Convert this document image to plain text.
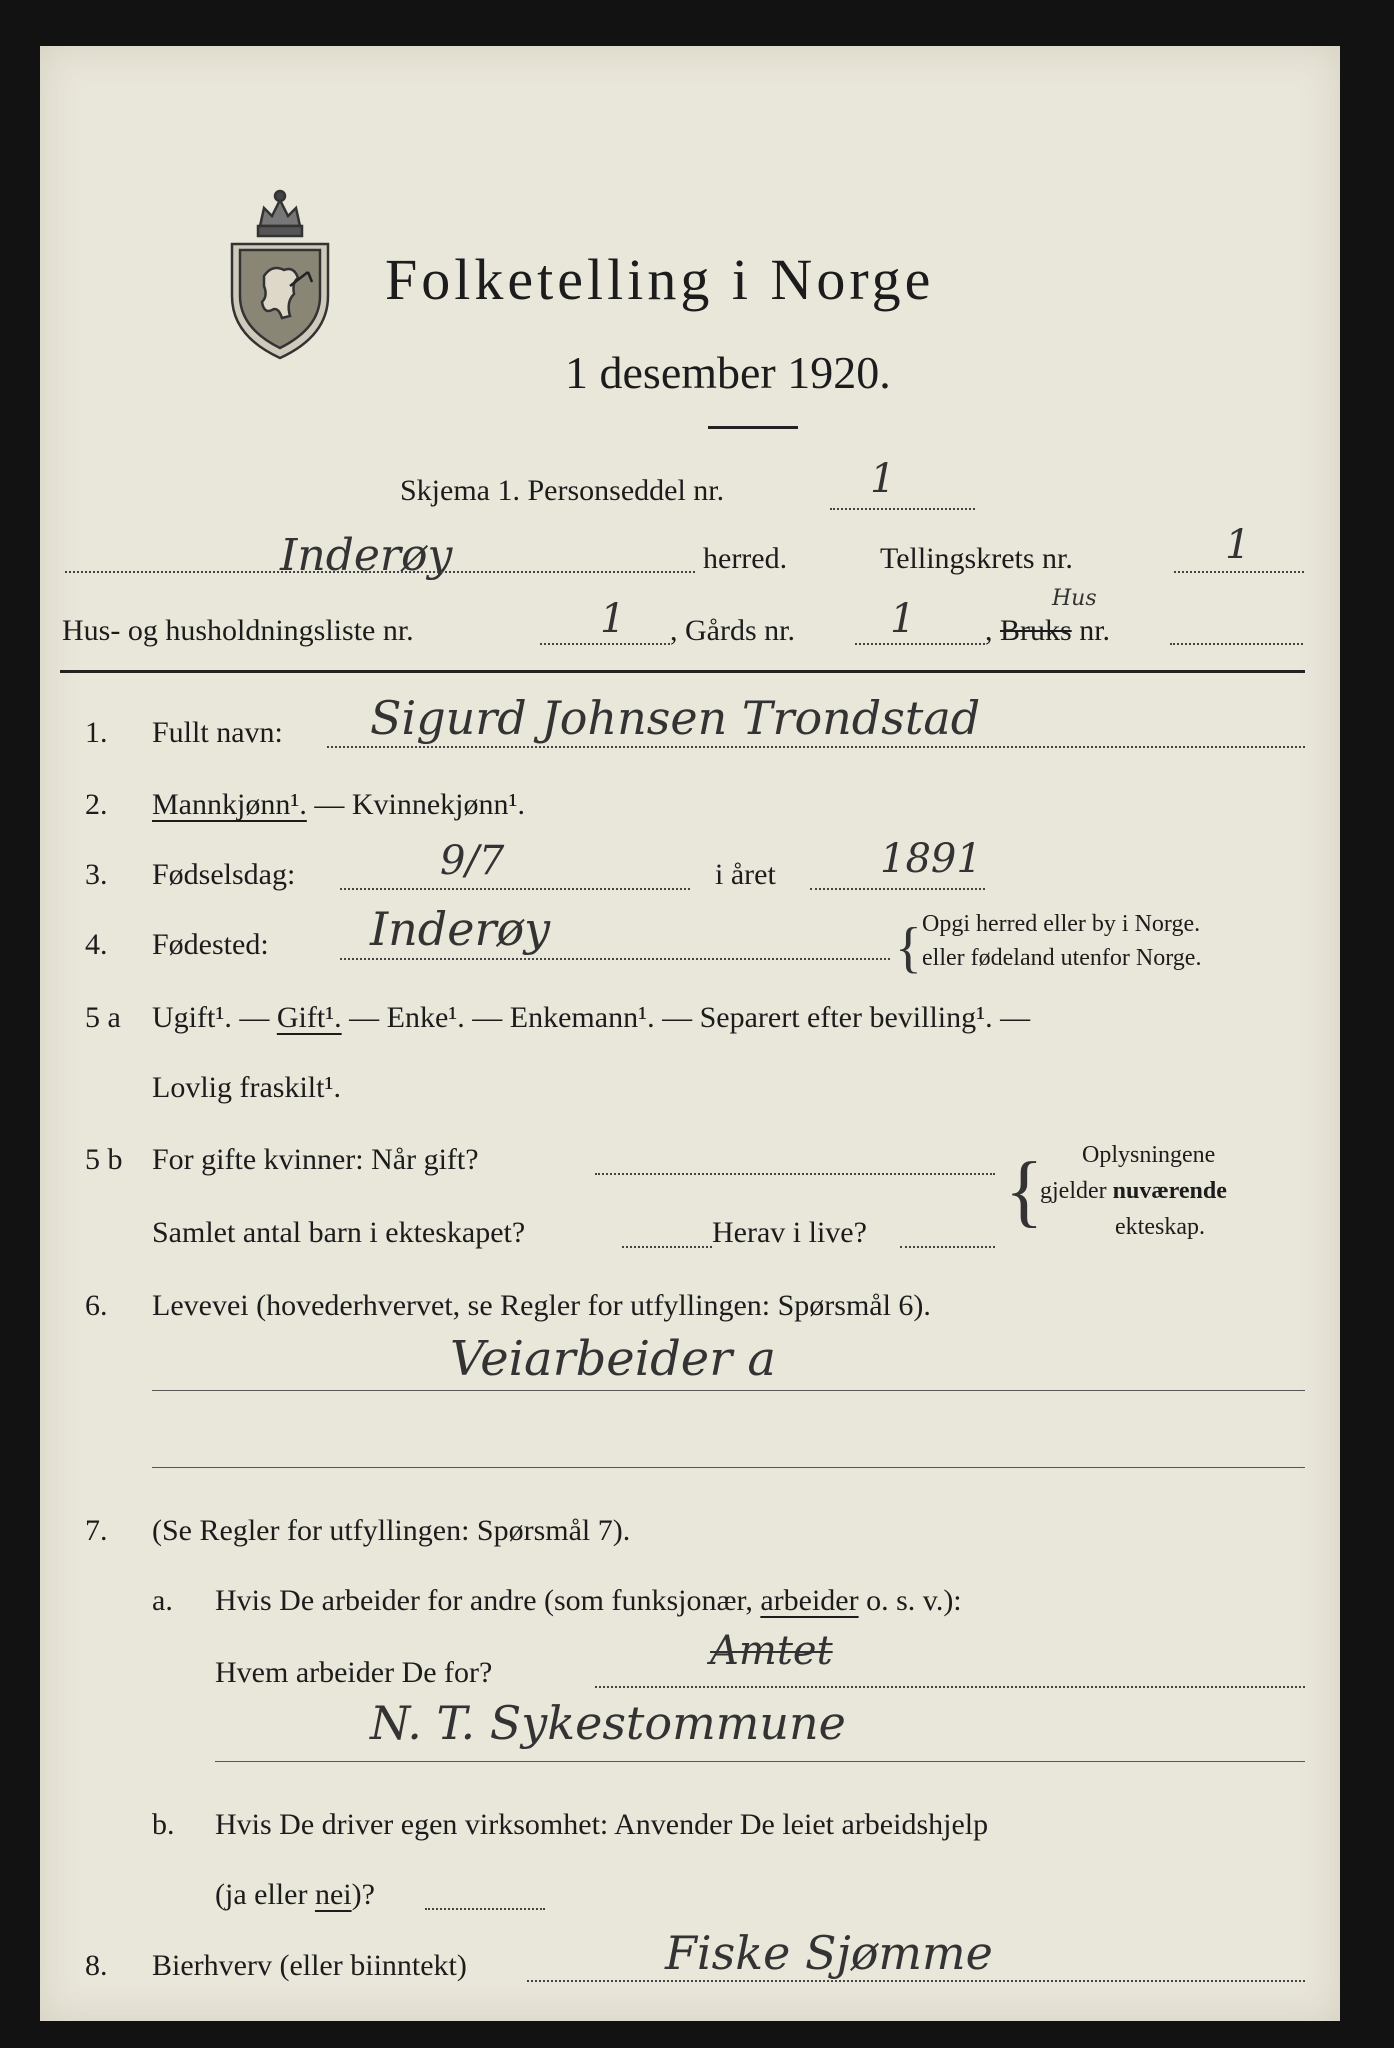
Folketelling i Norge
1 desember 1920.
Skjema 1. Personseddel nr.	1
Inderøy	herred.	Tellingskrets nr.	1
Hus- og husholdningsliste nr.	1 , Gårds nr. 1 , Bruks nr.
Hus
1. Fullt navn: Sigurd Johnsen Trondstad
2. Mannkjønn¹. — Kvinnekjønn¹.
3. Fødselsdag:	9/7	i året	1891
4. Fødested: Inderøy	{ Opgi herred eller by i Norge.
eller fødeland utenfor Norge.
5 a Ugift¹. — Gift¹. — Enke¹. — Enkemann¹. — Separert efter bevilling¹. —
Lovlig fraskilt¹.
5 b For gifte kvinner: Når gift?
Samlet antal barn i ekteskapet?	Herav i live? { Oplysningene
gjelder nuværende
ekteskap.
6. Levevei (hovederhvervet, se Regler for utfyllingen: Spørsmål 6).
Veiarbeider a
7. (Se Regler for utfyllingen: Spørsmål 7).
a. Hvis De arbeider for andre (som funksjonær, arbeider o. s. v.):
Hvem arbeider De for?	Amtet
N. T. Sykestommune
b. Hvis De driver egen virksomhet: Anvender De leiet arbeidshjelp
(ja eller nei)?
8. Bierhverv (eller biinntekt)	Fiske Sjømme
